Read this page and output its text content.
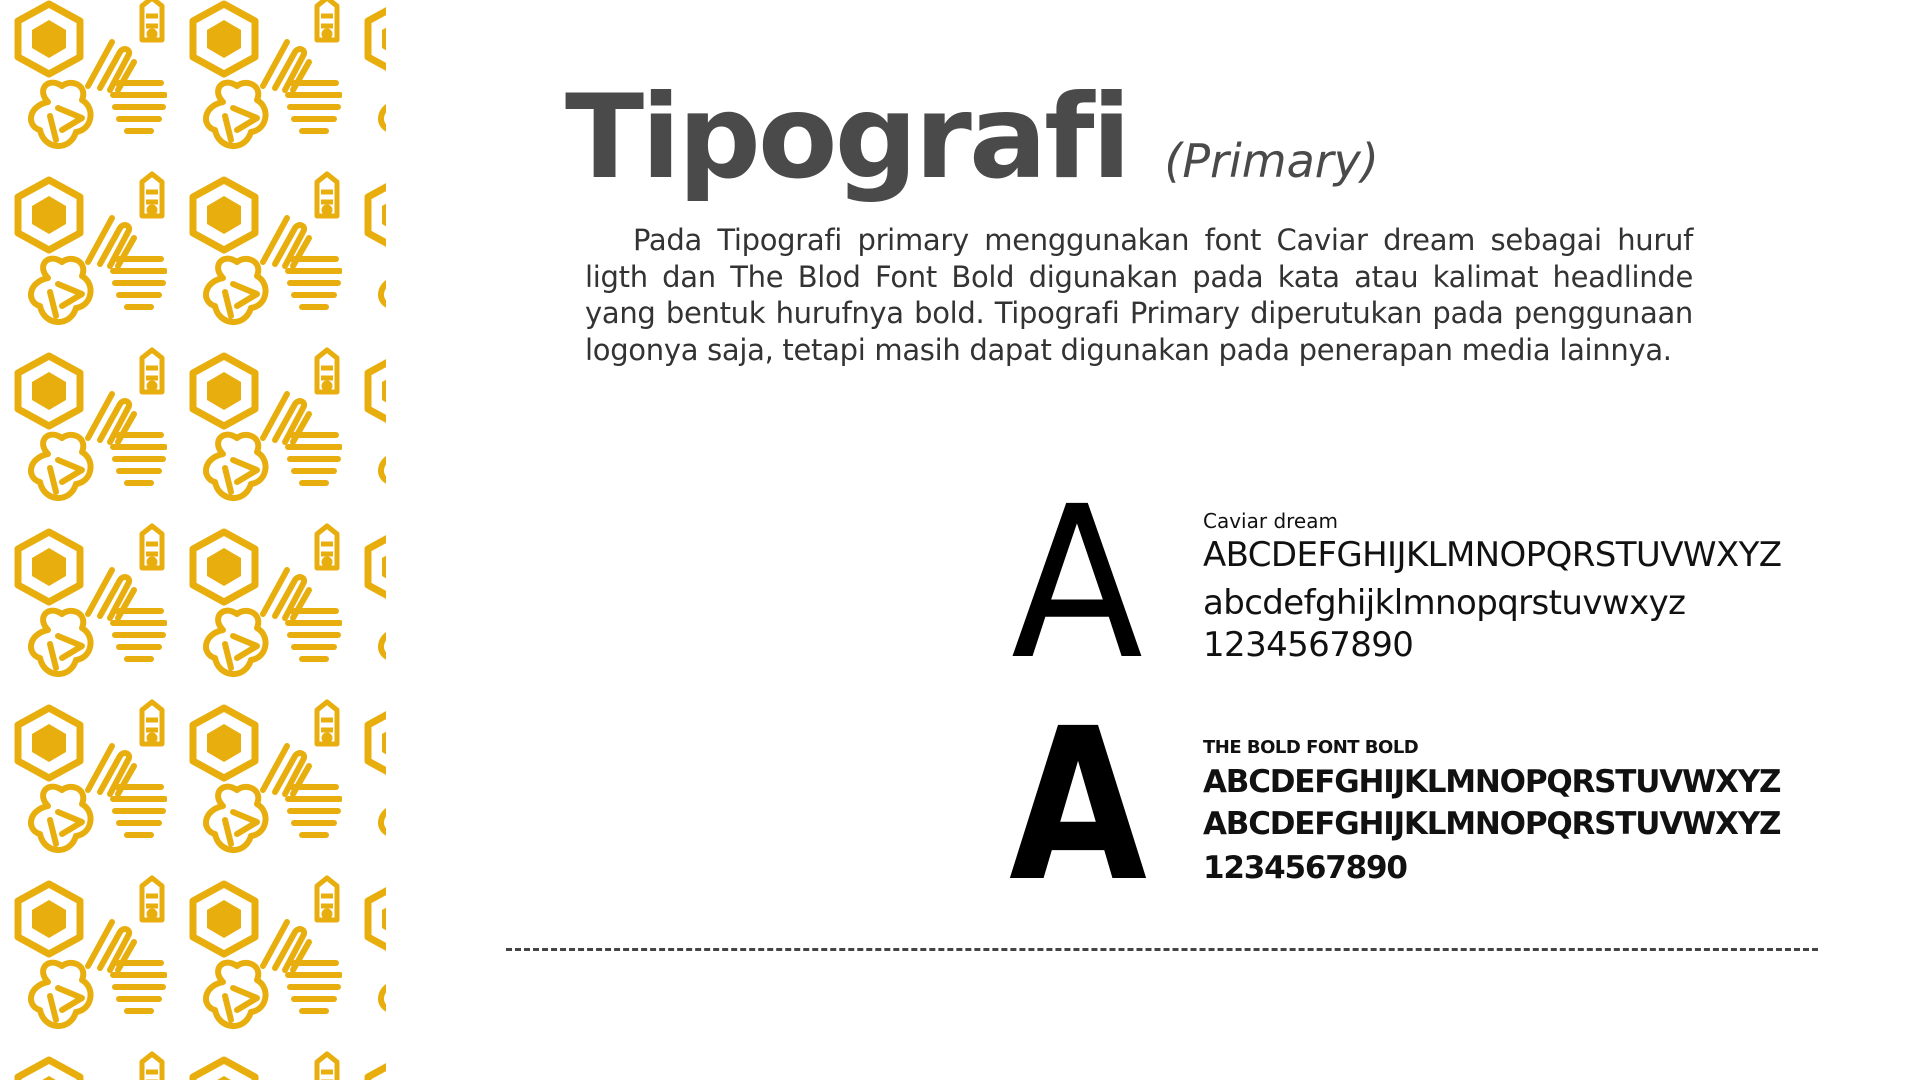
Tipografi (Primary)

Pada Tipografi primary menggunakan font Caviar dream sebagai huruf ligth dan The Blod Font Bold digunakan pada kata atau kalimat headlinde yang bentuk hurufnya bold. Tipografi Primary diperutukan pada penggunaan logonya saja, tetapi masih dapat digunakan pada penerapan media lainnya.

A	Caviar dream
ABCDEFGHIJKLMNOPQRSTUVWXYZ
abcdefghijklmnopqrstuvwxyz
1234567890
A	THE BOLD FONT BOLD
ABCDEFGHIJKLMNOPQRSTUVWXYZ
ABCDEFGHIJKLMNOPQRSTUVWXYZ
1234567890
